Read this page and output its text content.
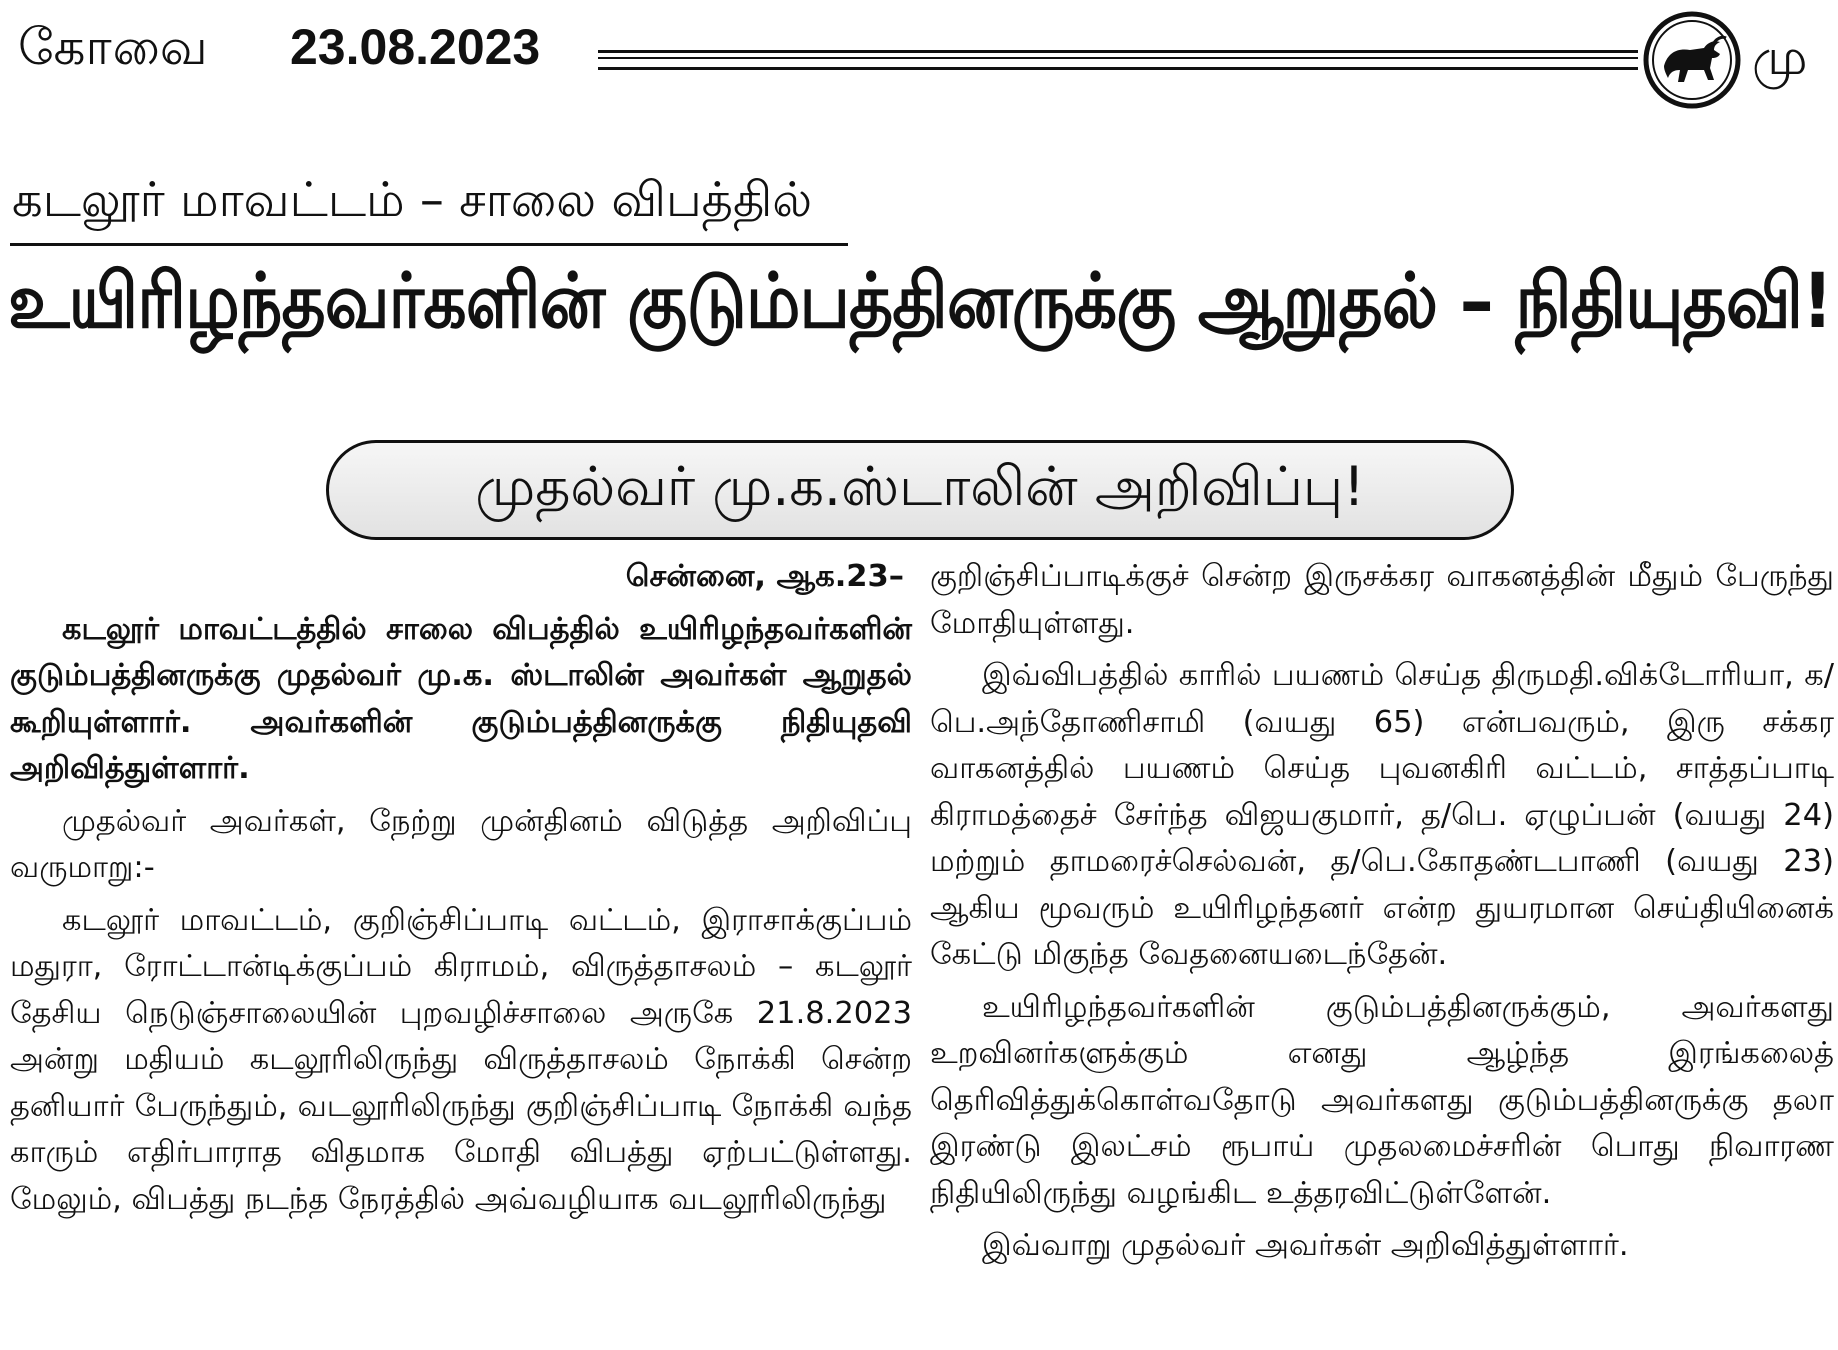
கோவை 23.08.2023	மு
கடலூர் மாவட்டம் – சாலை விபத்தில்
உயிரிழந்தவர்களின் குடும்பத்தினருக்கு ஆறுதல் – நிதியுதவி!
முதல்வர் மு.க.ஸ்டாலின் அறிவிப்பு!

சென்னை, ஆக.23–

கடலூர் மாவட்டத்தில் சாலை விபத்தில் உயிரிழந்தவர்களின் குடும்பத்தினருக்கு முதல்வர் மு.க. ஸ்டாலின் அவர்கள் ஆறுதல் கூறியுள்ளார். அவர்களின் குடும்பத்தினருக்கு நிதியுதவி அறிவித்துள்ளார்.

முதல்வர் அவர்கள், நேற்று முன்தினம் விடுத்த அறிவிப்பு வருமாறு:-

கடலூர் மாவட்டம், குறிஞ்சிப்பாடி வட்டம், இராசாக்குப்பம் மதுரா, ரோட்டான்டிக்குப்பம் கிராமம், விருத்தாசலம் – கடலூர் தேசிய நெடுஞ்சாலையின் புறவழிச்சாலை அருகே 21.8.2023 அன்று மதியம் கடலூரிலிருந்து விருத்தாசலம் நோக்கி சென்ற தனியார் பேருந்தும், வடலூரிலிருந்து குறிஞ்சிப்பாடி நோக்கி வந்த காரும் எதிர்பாராத விதமாக மோதி விபத்து ஏற்பட்டுள்ளது. மேலும், விபத்து நடந்த நேரத்தில் அவ்வழியாக வடலூரிலிருந்து

குறிஞ்சிப்பாடிக்குச் சென்ற இருசக்கர வாகனத்தின் மீதும் பேருந்து மோதியுள்ளது.

இவ்விபத்தில் காரில் பயணம் செய்த திருமதி.விக்டோரியா, க/பெ.அந்தோணிசாமி (வயது 65) என்பவரும், இரு சக்கர வாகனத்தில் பயணம் செய்த புவனகிரி வட்டம், சாத்தப்பாடி கிராமத்தைச் சேர்ந்த விஜயகுமார், த/பெ. ஏழுப்பன் (வயது 24) மற்றும் தாமரைச்செல்வன், த/பெ.கோதண்டபாணி (வயது 23) ஆகிய மூவரும் உயிரிழந்தனர் என்ற துயரமான செய்தியினைக் கேட்டு மிகுந்த வேதனையடைந்தேன்.

உயிரிழந்தவர்களின் குடும்பத்தினருக்கும், அவர்களது உறவினர்களுக்கும் எனது ஆழ்ந்த இரங்கலைத் தெரிவித்துக்கொள்வதோடு அவர்களது குடும்பத்தினருக்கு தலா இரண்டு இலட்சம் ரூபாய் முதலமைச்சரின் பொது நிவாரண நிதியிலிருந்து வழங்கிட உத்தரவிட்டுள்ளேன்.

இவ்வாறு முதல்வர் அவர்கள் அறிவித்துள்ளார்.
